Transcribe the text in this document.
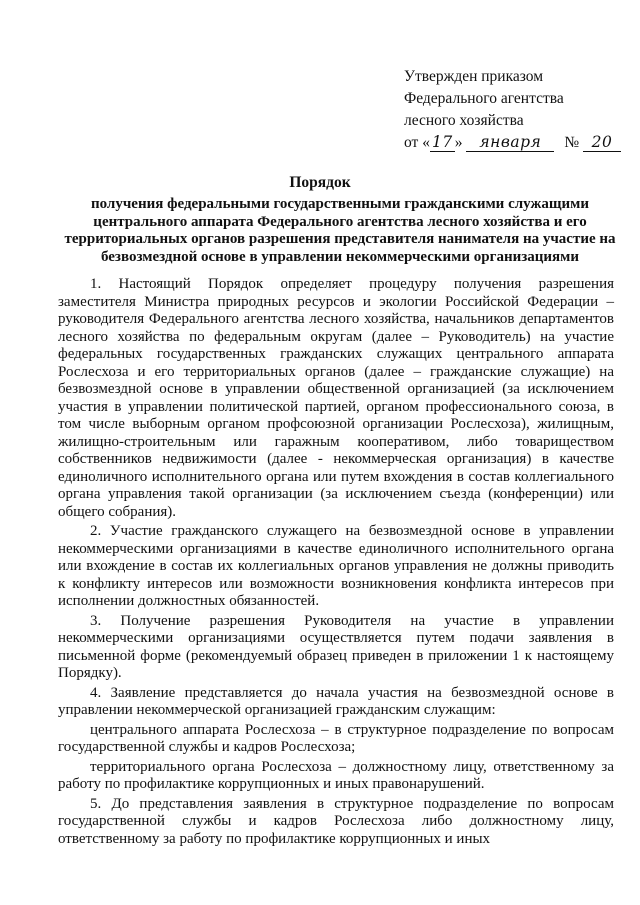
Утвержден приказом
Федерального агентства
лесного хозяйства
от « 17 » января № 20
Порядок
получения федеральными государственными гражданскими служащими центрального аппарата Федерального агентства лесного хозяйства и его территориальных органов разрешения представителя нанимателя на участие на безвозмездной основе в управлении некоммерческими организациями

1. Настоящий Порядок определяет процедуру получения разрешения заместителя Министра природных ресурсов и экологии Российской Федерации – руководителя Федерального агентства лесного хозяйства, начальников департаментов лесного хозяйства по федеральным округам (далее – Руководитель) на участие федеральных государственных гражданских служащих центрального аппарата Рослесхоза и его территориальных органов (далее – гражданские служащие) на безвозмездной основе в управлении общественной организацией (за исключением участия в управлении политической партией, органом профессионального союза, в том числе выборным органом профсоюзной организации Рослесхоза), жилищным, жилищно-строительным или гаражным кооперативом, либо товариществом собственников недвижимости (далее - некоммерческая организация) в качестве единоличного исполнительного органа или путем вхождения в состав коллегиального органа управления такой организации (за исключением съезда (конференции) или общего собрания).

2. Участие гражданского служащего на безвозмездной основе в управлении некоммерческими организациями в качестве единоличного исполнительного органа или вхождение в состав их коллегиальных органов управления не должны приводить к конфликту интересов или возможности возникновения конфликта интересов при исполнении должностных обязанностей.

3. Получение разрешения Руководителя на участие в управлении некоммерческими организациями осуществляется путем подачи заявления в письменной форме (рекомендуемый образец приведен в приложении 1 к настоящему Порядку).

4. Заявление представляется до начала участия на безвозмездной основе в управлении некоммерческой организацией гражданским служащим:

центрального аппарата Рослесхоза – в структурное подразделение по вопросам государственной службы и кадров Рослесхоза;

территориального органа Рослесхоза – должностному лицу, ответственному за работу по профилактике коррупционных и иных правонарушений.

5. До представления заявления в структурное подразделение по вопросам государственной службы и кадров Рослесхоза либо должностному лицу, ответственному за работу по профилактике коррупционных и иных
